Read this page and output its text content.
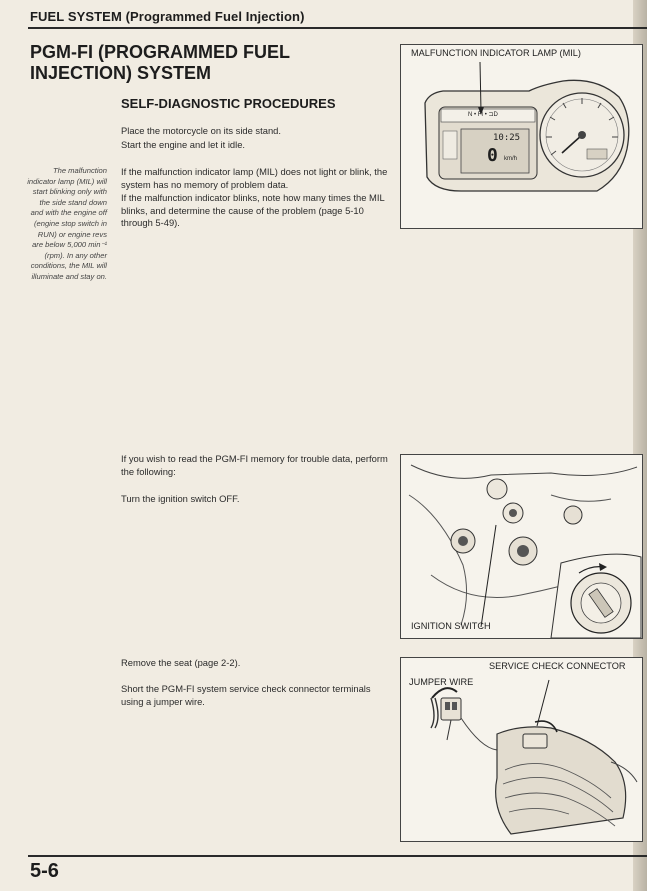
FUEL SYSTEM (Programmed Fuel Injection)
PGM-FI (PROGRAMMED FUEL
INJECTION) SYSTEM
SELF-DIAGNOSTIC PROCEDURES

Place the motorcycle on its side stand.

Start the engine and let it idle.

If the malfunction indicator lamp (MIL) does not light or blink, the system has no memory of problem data.

If the malfunction indicator blinks, note how many times the MIL blinks, and determine the cause of the problem (page 5-10 through 5-49).

The malfunction indicator lamp (MIL) will start blinking only with the side stand down and with the engine off (engine stop switch in RUN) or engine revs are below 5,000 min⁻¹ (rpm). In any other conditions, the MIL will illuminate and stay on.
If you wish to read the PGM-FI memory for trouble data, perform the following:
Turn the ignition switch OFF.
Remove the seat (page 2-2).
Short the PGM-FI system service check connector terminals using a jumper wire.
MALFUNCTION INDICATOR LAMP (MIL)
N • FI • ⊐D
10:25
0 km/h
IGNITION SWITCH
SERVICE CHECK CONNECTOR
JUMPER WIRE
5-6
